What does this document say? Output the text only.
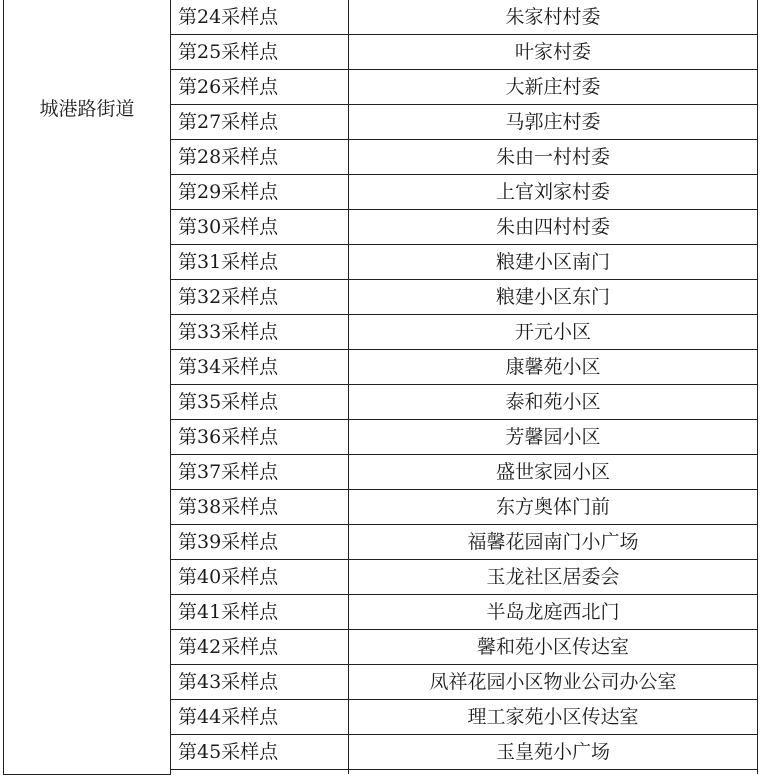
城港路街道	第24采样点	朱家村村委
	第25采样点	叶家村委
	第26采样点	大新庄村委
	第27采样点	马郭庄村委
	第28采样点	朱由一村村委
	第29采样点	上官刘家村委
	第30采样点	朱由四村村委
	第31采样点	粮建小区南门
	第32采样点	粮建小区东门
	第33采样点	开元小区
	第34采样点	康馨苑小区
	第35采样点	泰和苑小区
	第36采样点	芳馨园小区
	第37采样点	盛世家园小区
	第38采样点	东方奥体门前
	第39采样点	福馨花园南门小广场
	第40采样点	玉龙社区居委会
	第41采样点	半岛龙庭西北门
	第42采样点	馨和苑小区传达室
	第43采样点	凤祥花园小区物业公司办公室
	第44采样点	理工家苑小区传达室
	第45采样点	玉皇苑小广场
